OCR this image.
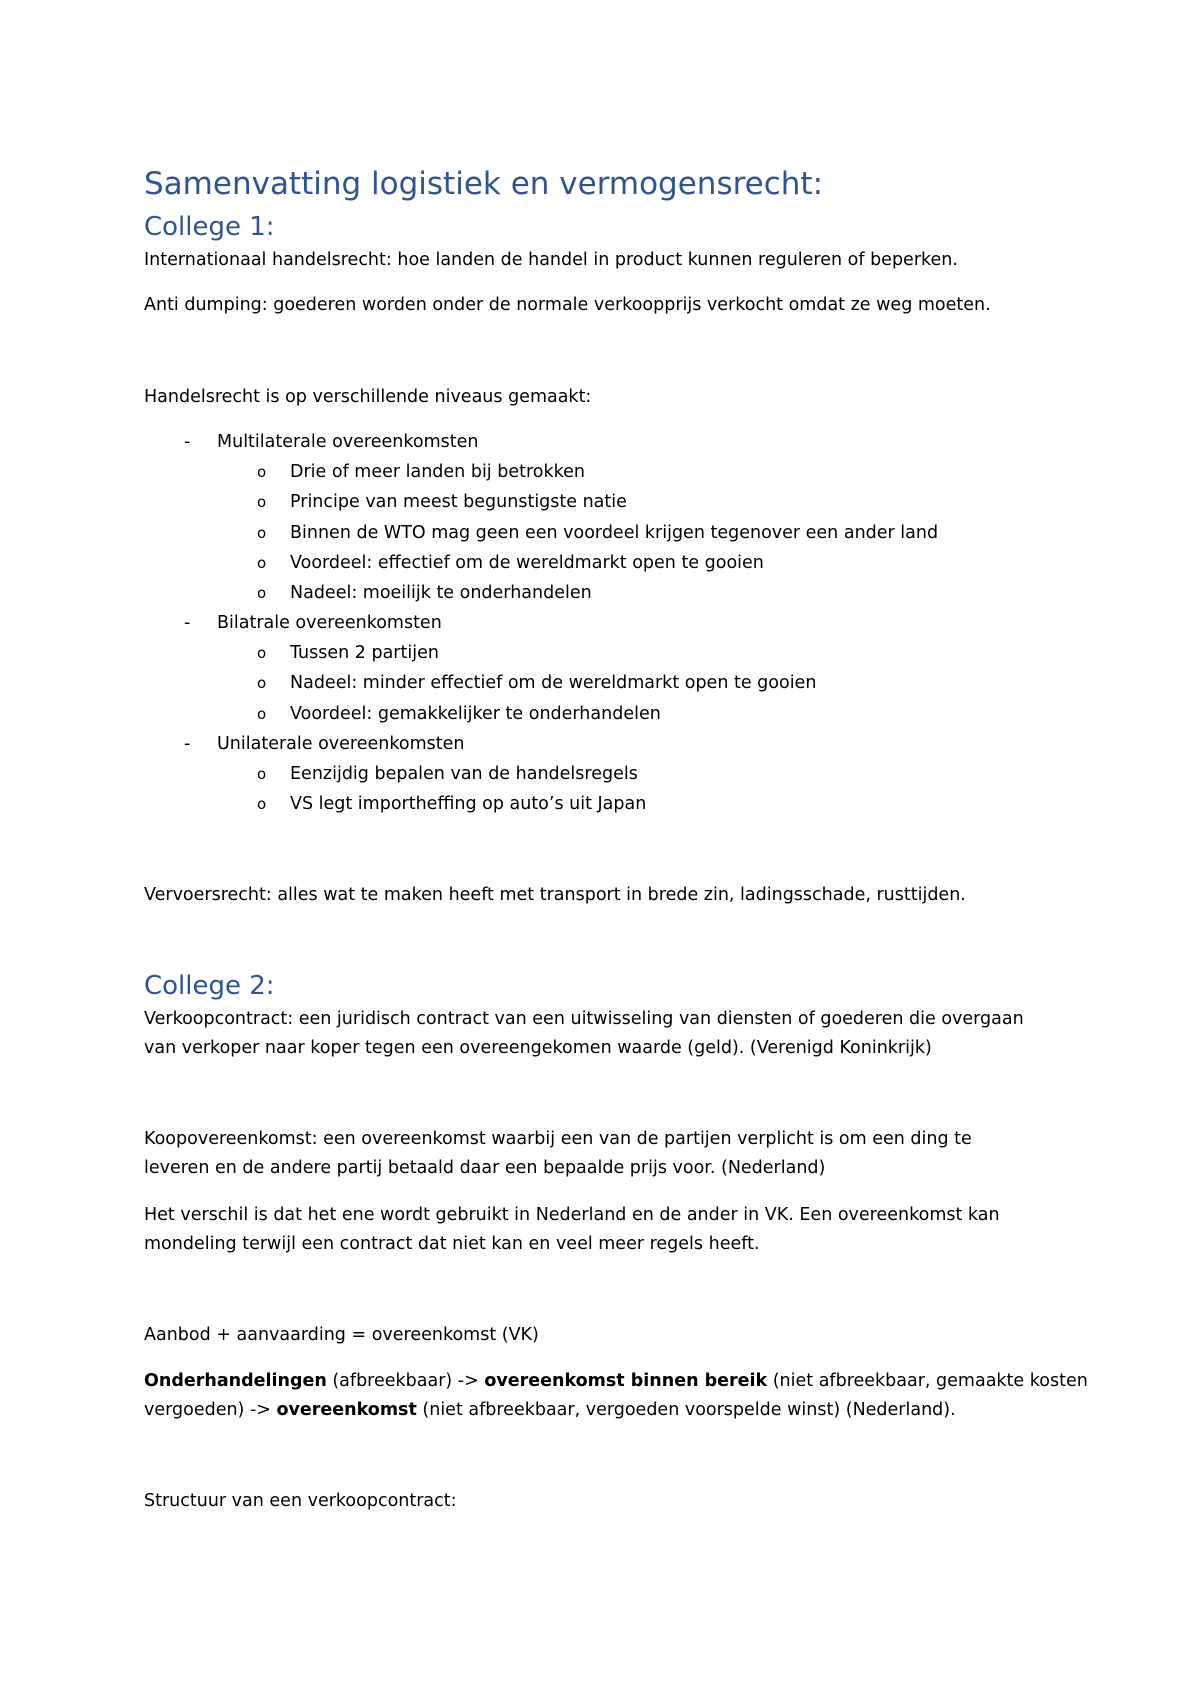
Samenvatting logistiek en vermogensrecht:
College 1:
Internationaal handelsrecht: hoe landen de handel in product kunnen reguleren of beperken.
Anti dumping: goederen worden onder de normale verkoopprijs verkocht omdat ze weg moeten.
Handelsrecht is op verschillende niveaus gemaakt:
- Multilaterale overeenkomsten
o Drie of meer landen bij betrokken
o Principe van meest begunstigste natie
o Binnen de WTO mag geen een voordeel krijgen tegenover een ander land
o Voordeel: effectief om de wereldmarkt open te gooien
o Nadeel: moeilijk te onderhandelen
- Bilatrale overeenkomsten
o Tussen 2 partijen
o Nadeel: minder effectief om de wereldmarkt open te gooien
o Voordeel: gemakkelijker te onderhandelen
- Unilaterale overeenkomsten
o Eenzijdig bepalen van de handelsregels
o VS legt importheffing op auto’s uit Japan
Vervoersrecht: alles wat te maken heeft met transport in brede zin, ladingsschade, rusttijden.
College 2:
Verkoopcontract: een juridisch contract van een uitwisseling van diensten of goederen die overgaan
van verkoper naar koper tegen een overeengekomen waarde (geld). (Verenigd Koninkrijk)
Koopovereenkomst: een overeenkomst waarbij een van de partijen verplicht is om een ding te
leveren en de andere partij betaald daar een bepaalde prijs voor. (Nederland)
Het verschil is dat het ene wordt gebruikt in Nederland en de ander in VK. Een overeenkomst kan
mondeling terwijl een contract dat niet kan en veel meer regels heeft.
Aanbod + aanvaarding = overeenkomst (VK)
Onderhandelingen (afbreekbaar) -> overeenkomst binnen bereik (niet afbreekbaar, gemaakte kosten
vergoeden) -> overeenkomst (niet afbreekbaar, vergoeden voorspelde winst) (Nederland).
Structuur van een verkoopcontract:
